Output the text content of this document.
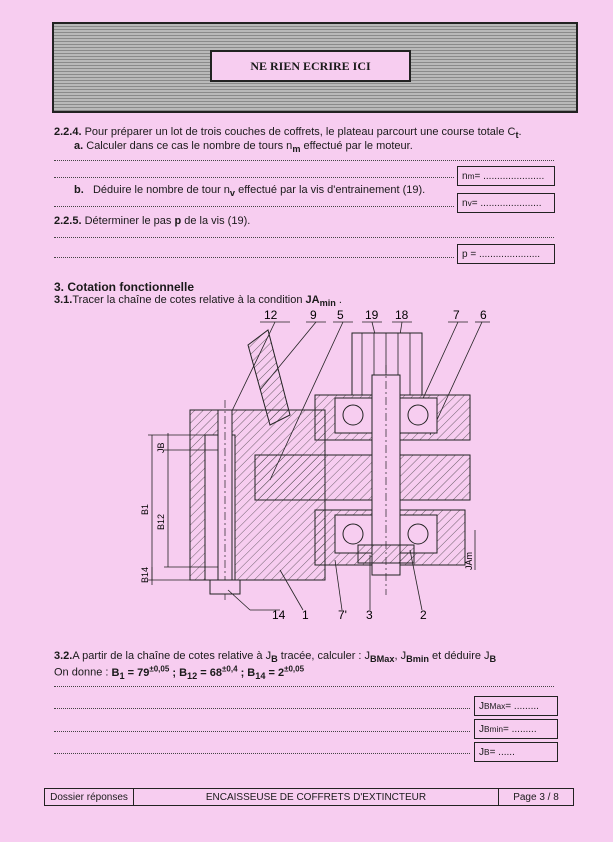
NE RIEN ECRIRE ICI
2.2.4. Pour préparer un lot de trois couches de coffrets, le plateau parcourt une course totale $C_t$.
a. Calculer dans ce cas le nombre de tours $n_m$ effectué par le moteur.
n m = ......................
b. Déduire le nombre de tour $n_v$ effectué par la vis d'entrainement (19).
n v = ......................
2.2.5. Déterminer le pas p de la vis (19).
p = ......................
3. Cotation fonctionnelle
3.1.Tracer la chaîne de cotes relative à la condition $JA_{min}$ .
12	9 5 19 18	7 6
JB
B1
B12
B14
JAm
14 1 7' 3	2
3.2.A partir de la chaîne de cotes relative à $J_B$ tracée, calculer : $J_{BMax}$, $J_{Bmin}$ et déduire $J_B$
On donne : $B_1 = 79^{\pm 0,05}$ ; $B_{12} = 68^{\pm 0,4}$ ; $B_{14} = 2^{\pm 0,05}$
J BMax = .........
J Bmin = .........
J B = ......
Dossier réponses	ENCAISSEUSE DE COFFRETS D'EXTINCTEUR	Page 3 / 8
